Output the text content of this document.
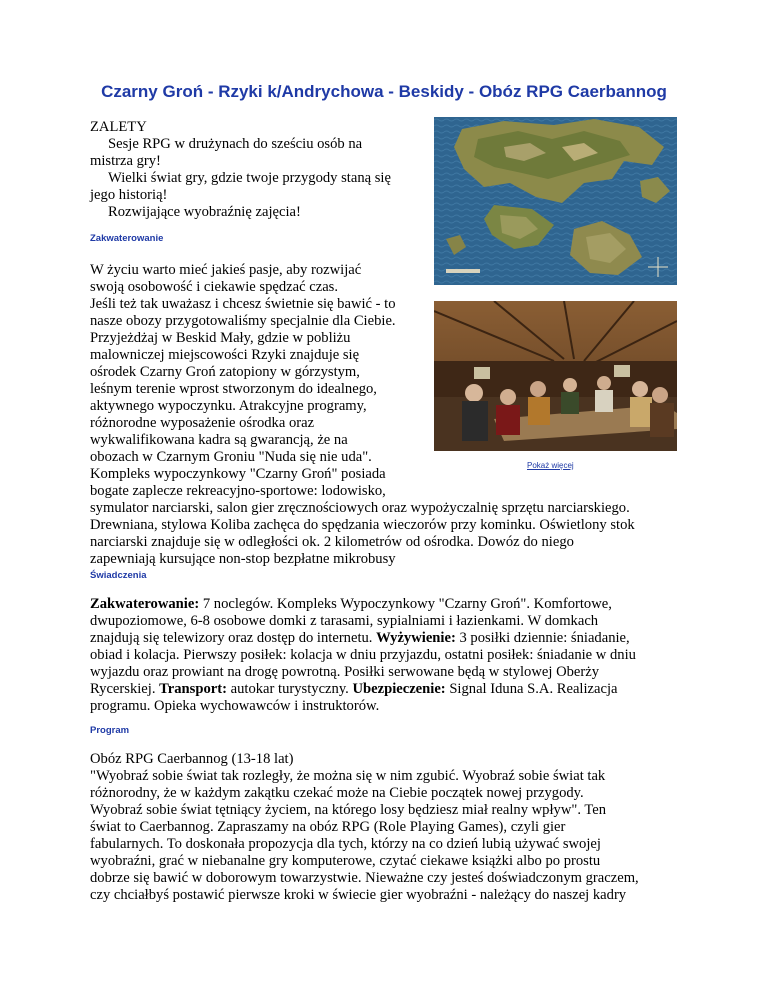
Czarny Groń - Rzyki k/Andrychowa - Beskidy - Obóz RPG Caerbannog
ZALETY
Sesje RPG w drużynach do sześciu osób na
mistrza gry!
Wielki świat gry, gdzie twoje przygody staną się
jego historią!
Rozwijające wyobraźnię zajęcia!
Zakwaterowanie
W życiu warto mieć jakieś pasje, aby rozwijać
swoją osobowość i ciekawie spędzać czas.
Jeśli też tak uważasz i chcesz świetnie się bawić - to
nasze obozy przygotowaliśmy specjalnie dla Ciebie.
Przyjeżdżaj w Beskid Mały, gdzie w pobliżu
malowniczej miejscowości Rzyki znajduje się
ośrodek Czarny Groń zatopiony w górzystym,
leśnym terenie wprost stworzonym do idealnego,
aktywnego wypoczynku. Atrakcyjne programy,
różnorodne wyposażenie ośrodka oraz
wykwalifikowana kadra są gwarancją, że na
obozach w Czarnym Groniu "Nuda się nie uda".
Kompleks wypoczynkowy "Czarny Groń" posiada
bogate zaplecze rekreacyjno-sportowe: lodowisko,
symulator narciarski, salon gier zręcznościowych oraz wypożyczalnię sprzętu narciarskiego.
Drewniana, stylowa Koliba zachęca do spędzania wieczorów przy kominku. Oświetlony stok
narciarski znajduje się w odległości ok. 2 kilometrów od ośrodka. Dowóz do niego
zapewniają kursujące non-stop bezpłatne mikrobusy
Pokaż więcej
Świadczenia
Zakwaterowanie: 7 noclegów. Kompleks Wypoczynkowy "Czarny Groń". Komfortowe,
dwupoziomowe, 6-8 osobowe domki z tarasami, sypialniami i łazienkami. W domkach
znajdują się telewizory oraz dostęp do internetu. Wyżywienie: 3 posiłki dziennie: śniadanie,
obiad i kolacja. Pierwszy posiłek: kolacja w dniu przyjazdu, ostatni posiłek: śniadanie w dniu
wyjazdu oraz prowiant na drogę powrotną. Posiłki serwowane będą w stylowej Oberży
Rycerskiej. Transport: autokar turystyczny. Ubezpieczenie: Signal Iduna S.A. Realizacja
programu. Opieka wychowawców i instruktorów.
Program
Obóz RPG Caerbannog (13-18 lat)
"Wyobraź sobie świat tak rozległy, że można się w nim zgubić. Wyobraź sobie świat tak
różnorodny, że w każdym zakątku czekać może na Ciebie początek nowej przygody.
Wyobraź sobie świat tętniący życiem, na którego losy będziesz miał realny wpływ". Ten
świat to Caerbannog. Zapraszamy na obóz RPG (Role Playing Games), czyli gier
fabularnych. To doskonała propozycja dla tych, którzy na co dzień lubią używać swojej
wyobraźni, grać w niebanalne gry komputerowe, czytać ciekawe książki albo po prostu
dobrze się bawić w doborowym towarzystwie. Nieważne czy jesteś doświadczonym graczem,
czy chciałbyś postawić pierwsze kroki w świecie gier wyobraźni - należący do naszej kadry
